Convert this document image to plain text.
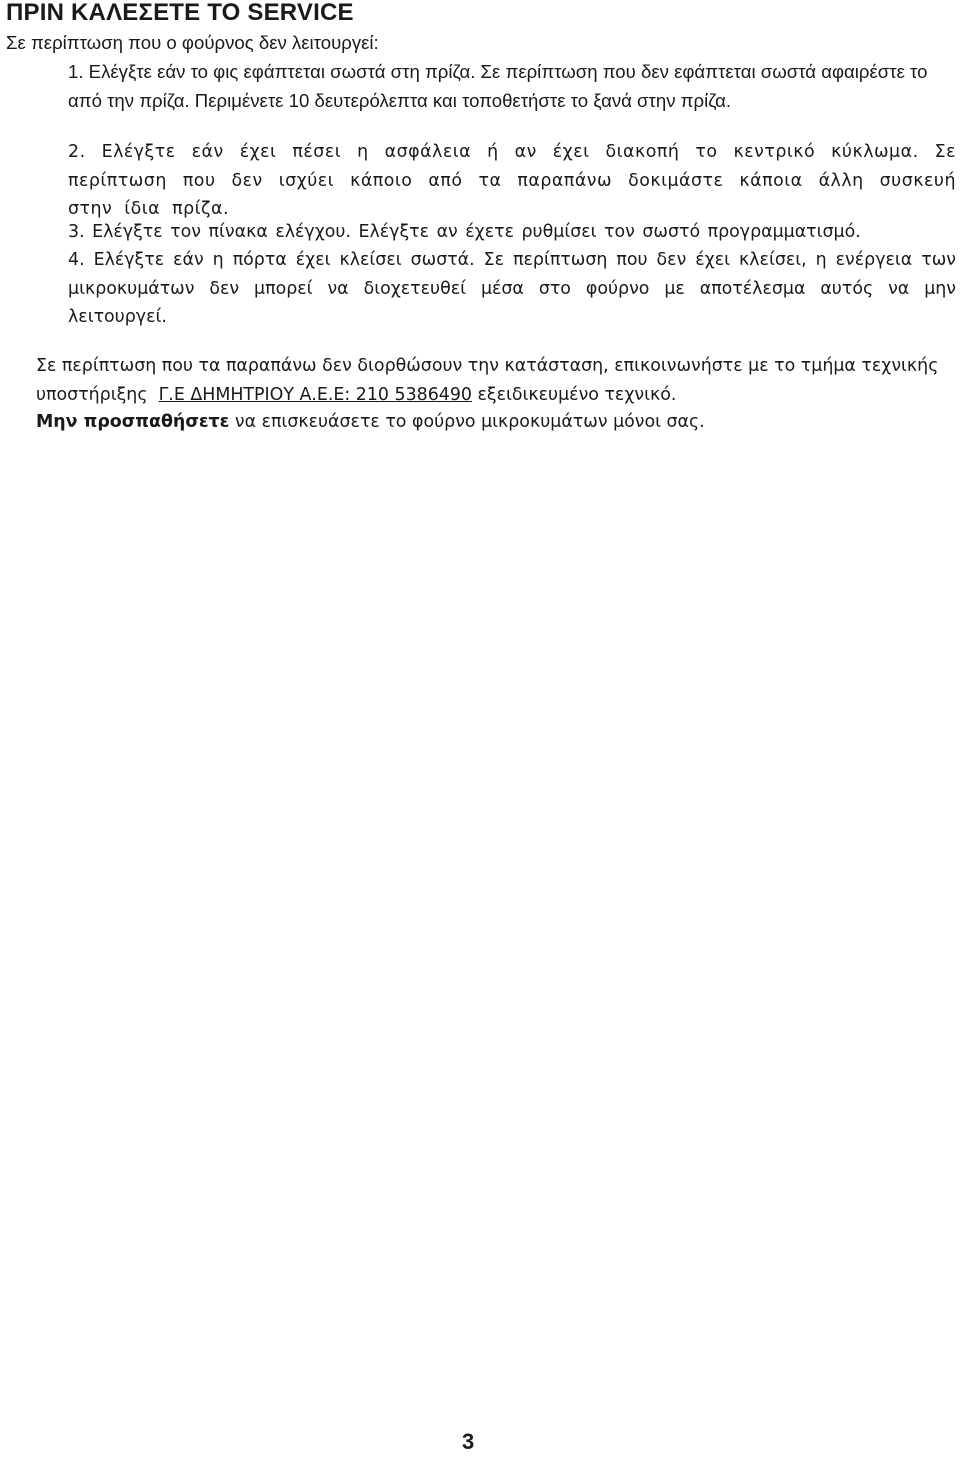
ΠΡΙΝ ΚΑΛΕΣΕΤΕ ΤΟ SERVICE

Σε περίπτωση που ο φούρνος δεν λειτουργεί:

1. Ελέγξτε εάν το φις εφάπτεται σωστά στη πρίζα. Σε περίπτωση που δεν εφάπτεται σωστά αφαιρέστε το από την πρίζα. Περιμένετε 10 δευτερόλεπτα και τοποθετήστε το ξανά στην πρίζα.

2. Ελέγξτε εάν έχει πέσει η ασφάλεια ή αν έχει διακοπή το κεντρικό κύκλωμα. Σε περίπτωση που δεν ισχύει κάποιο από τα παραπάνω δοκιμάστε κάποια άλλη συσκευή στην ίδια πρίζα.

3. Ελέγξτε τον πίνακα ελέγχου. Ελέγξτε αν έχετε ρυθμίσει τον σωστό προγραμματισμό.

4. Ελέγξτε εάν η πόρτα έχει κλείσει σωστά. Σε περίπτωση που δεν έχει κλείσει, η ενέργεια των μικροκυμάτων δεν μπορεί να διοχετευθεί μέσα στο φούρνο με αποτέλεσμα αυτός να μην λειτουργεί.

Σε περίπτωση που τα παραπάνω δεν διορθώσουν την κατάσταση, επικοινωνήστε με το τμήμα τεχνικής υποστήριξης Γ.Ε ΔΗΜΗΤΡΙΟΥ Α.Ε.Ε: 210 5386490 εξειδικευμένο τεχνικό.

Μην προσπαθήσετε να επισκευάσετε το φούρνο μικροκυμάτων μόνοι σας.

3
